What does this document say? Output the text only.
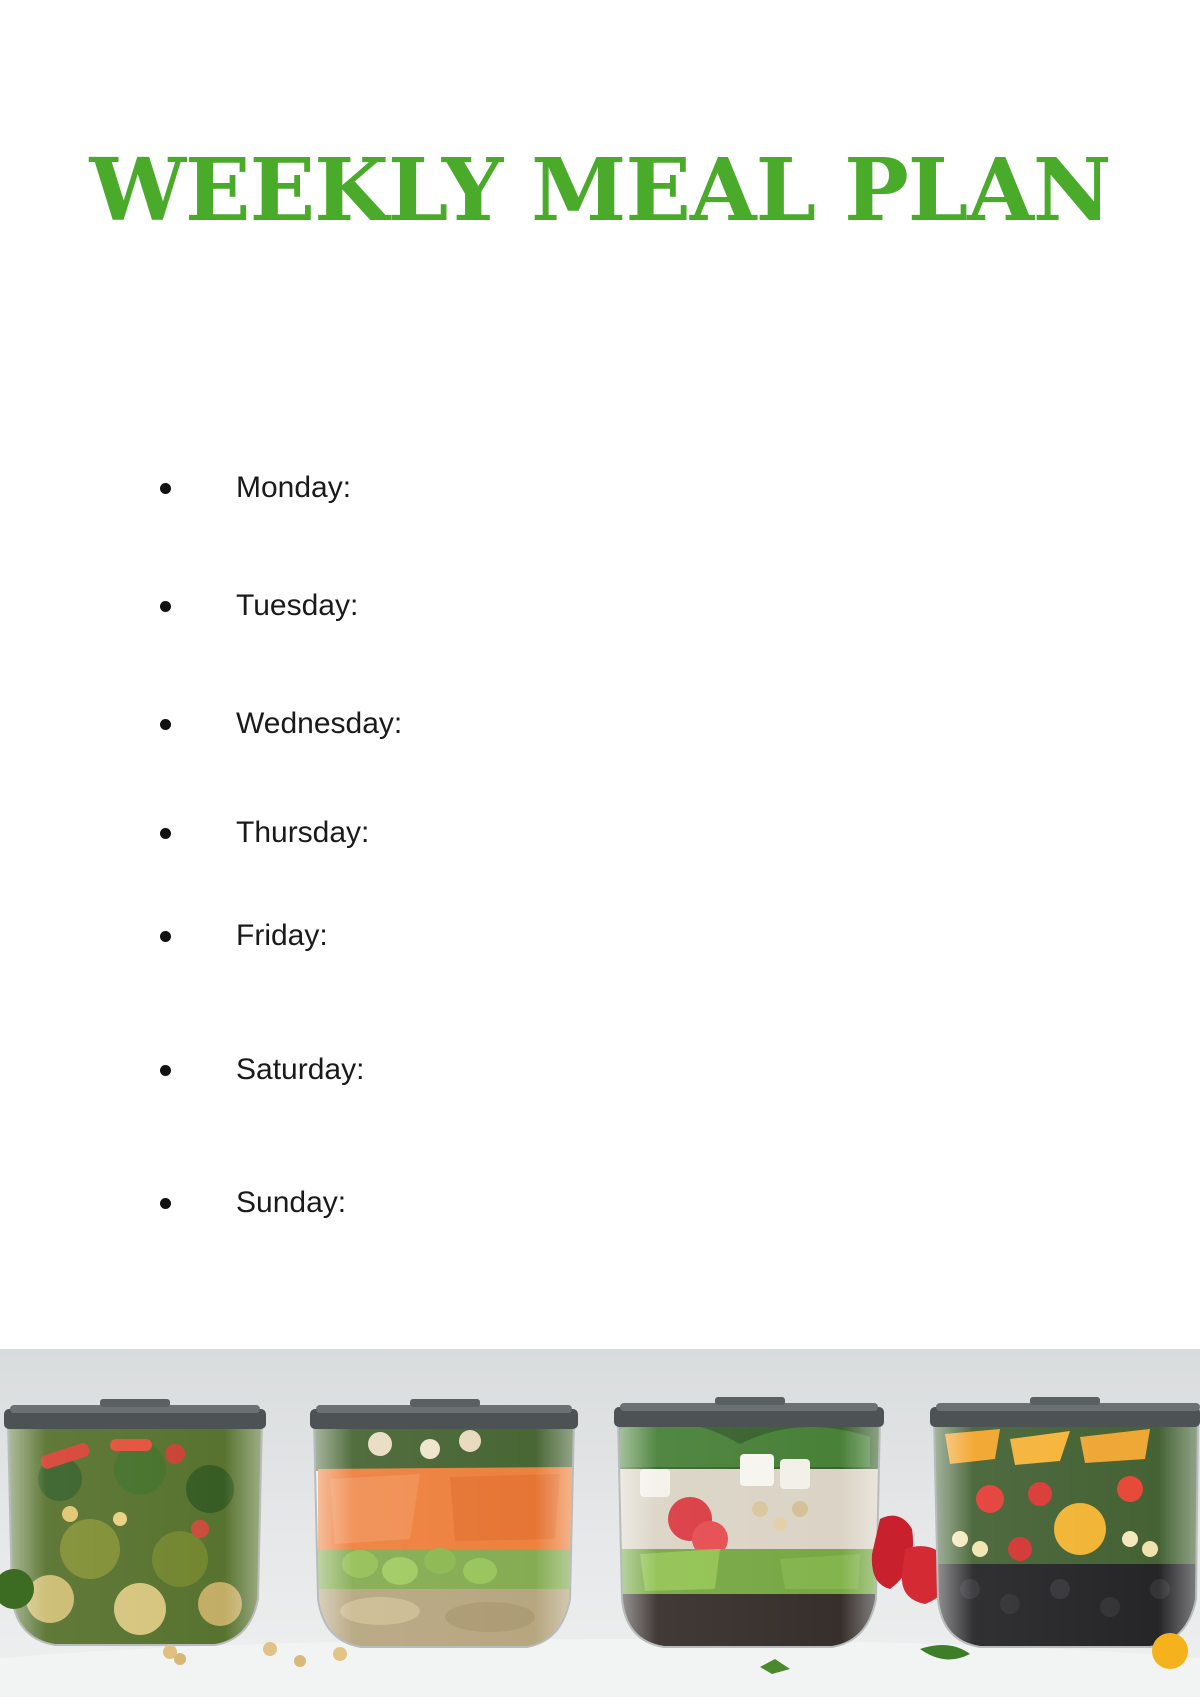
WEEKLY MEAL PLAN
Monday:
Tuesday:
Wednesday:
Thursday:
Friday:
Saturday:
Sunday:
